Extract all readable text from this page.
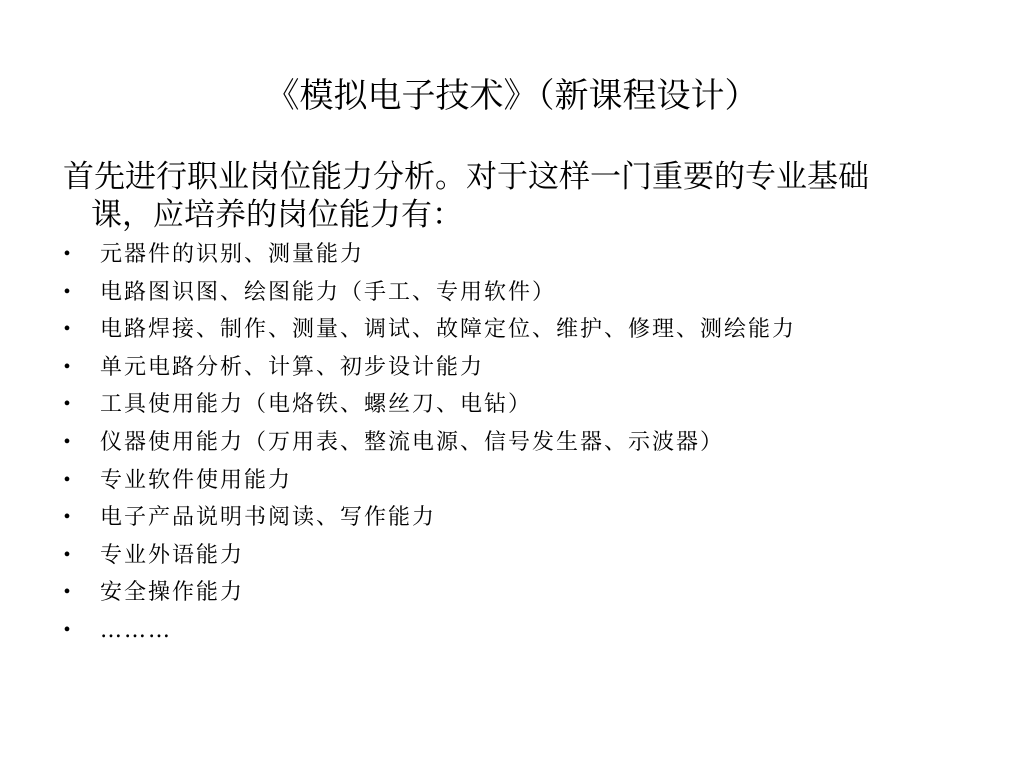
《模拟电子技术》（新课程设计）
首先进行职业岗位能力分析。对于这样一门重要的专业基础
课，应培养的岗位能力有：
• 元器件的识别、测量能力
• 电路图识图、绘图能力（手工、专用软件）
• 电路焊接、制作、测量、调试、故障定位、维护、修理、测绘能力
• 单元电路分析、计算、初步设计能力
• 工具使用能力（电烙铁、螺丝刀、电钻）
• 仪器使用能力（万用表、整流电源、信号发生器、示波器）
• 专业软件使用能力
• 电子产品说明书阅读、写作能力
• 专业外语能力
• 安全操作能力
• ………
